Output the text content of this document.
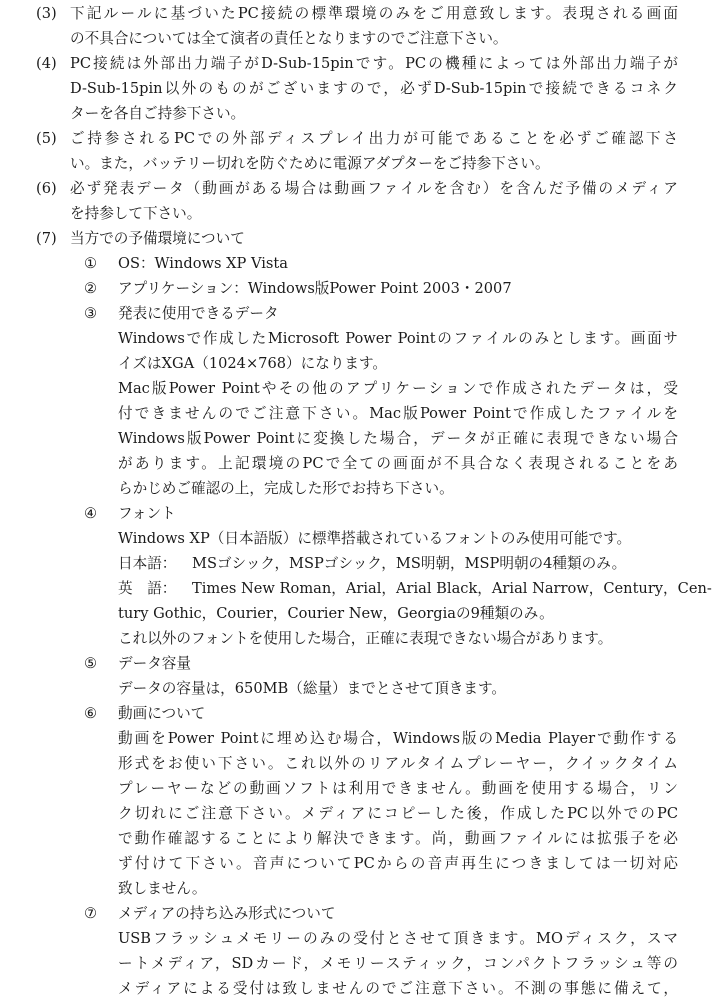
(3) 下記ルールに基づいたPC接続の標準環境のみをご用意致します。表現される画面
の不具合については全て演者の責任となりますのでご注意下さい。
(4) PC接続は外部出力端子がD-Sub-15pinです。PCの機種によっては外部出力端子が
D-Sub-15pin以外のものがございますので，必ずD-Sub-15pinで接続できるコネク
ターを各自ご持参下さい。
(5) ご持参されるPCでの外部ディスプレイ出力が可能であることを必ずご確認下さ
い。また，バッテリー切れを防ぐために電源アダプターをご持参下さい。
(6) 必ず発表データ（動画がある場合は動画ファイルを含む）を含んだ予備のメディア
を持参して下さい。
(7) 当方での予備環境について
① OS：Windows XP Vista
② アプリケーション：Windows版Power Point 2003・2007
③ 発表に使用できるデータ
Windowsで作成したMicrosoft Power Pointのファイルのみとします。画面サ
イズはXGA（1024×768）になります。
Mac版Power Pointやその他のアプリケーションで作成されたデータは，受
付できませんのでご注意下さい。Mac版Power Pointで作成したファイルを
Windows版Power Pointに変換した場合，データが正確に表現できない場合
があります。上記環境のPCで全ての画面が不具合なく表現されることをあ
らかじめご確認の上，完成した形でお持ち下さい。
④ フォント
Windows XP（日本語版）に標準搭載されているフォントのみ使用可能です。
日本語： MSゴシック，MSPゴシック，MS明朝，MSP明朝の4種類のみ。
英　語： Times New Roman，Arial，Arial Black，Arial Narrow，Century，Cen-
tury Gothic，Courier，Courier New，Georgiaの9種類のみ。
これ以外のフォントを使用した場合，正確に表現できない場合があります。
⑤ データ容量
データの容量は，650MB（総量）までとさせて頂きます。
⑥ 動画について
動画をPower Pointに埋め込む場合，Windows版のMedia Playerで動作する
形式をお使い下さい。これ以外のリアルタイムプレーヤー，クイックタイム
プレーヤーなどの動画ソフトは利用できません。動画を使用する場合，リン
ク切れにご注意下さい。メディアにコピーした後，作成したPC以外でのPC
で動作確認することにより解決できます。尚，動画ファイルには拡張子を必
ず付けて下さい。音声についてPCからの音声再生につきましては一切対応
致しません。
⑦ メディアの持ち込み形式について
USBフラッシュメモリーのみの受付とさせて頂きます。MOディスク，スマ
ートメディア，SDカード，メモリースティック，コンパクトフラッシュ等の
メディアによる受付は致しませんのでご注意下さい。不測の事態に備えて，
